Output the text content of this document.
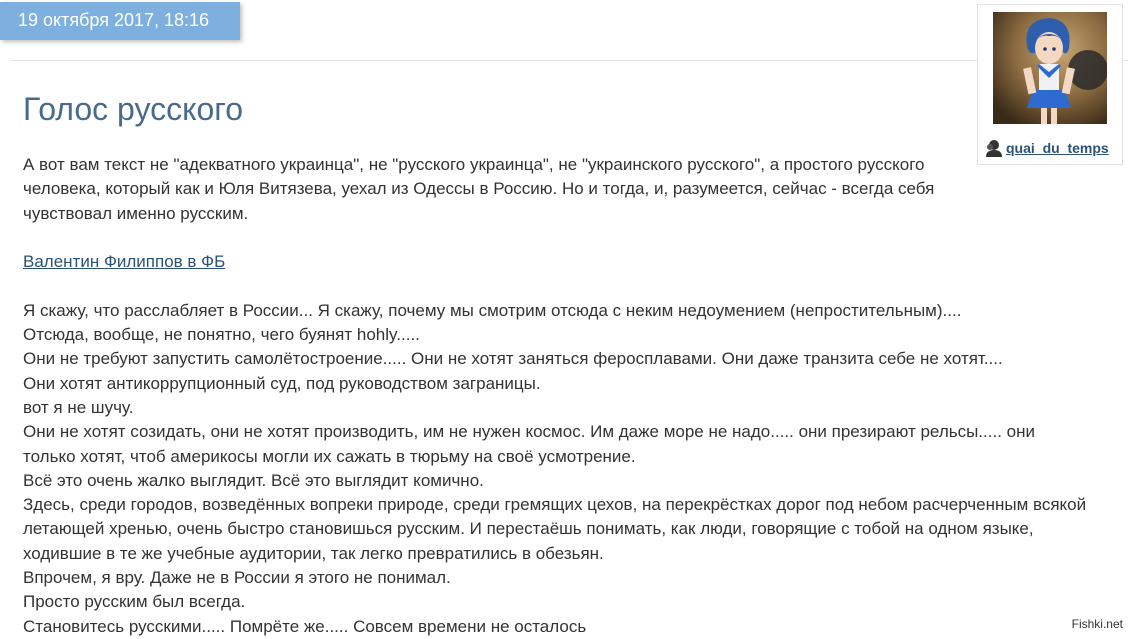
19 октября 2017, 18:16
quai_du_temps
Голос русского

А вот вам текст не "адекватного украинца", не "русского украинца", не "украинского русского", а простого русского

человека, который как и Юля Витязева, уехал из Одессы в Россию. Но и тогда, и, разумеется, сейчас - всегда себя

чувствовал именно русским.

Валентин Филиппов в ФБ

Я скажу, что расслабляет в России... Я скажу, почему мы смотрим отсюда с неким недоумением (непростительным)....

Отсюда, вообще, не понятно, чего буянят hohly.....

Они не требуют запустить самолётостроение..... Они не хотят заняться феросплавами. Они даже транзита себе не хотят....

Они хотят антикоррупционный суд, под руководством заграницы.

вот я не шучу.

Они не хотят созидать, они не хотят производить, им не нужен космос. Им даже море не надо..... они презирают рельсы..... они

только хотят, чтоб америкосы могли их сажать в тюрьму на своё усмотрение.

Всё это очень жалко выглядит. Всё это выглядит комично.

Здесь, среди городов, возведённых вопреки природе, среди гремящих цехов, на перекрёстках дорог под небом расчерченным всякой

летающей хренью, очень быстро становишься русским. И перестаёшь понимать, как люди, говорящие с тобой на одном языке,

ходившие в те же учебные аудитории, так легко превратились в обезьян.

Впрочем, я вру. Даже не в России я этого не понимал.

Просто русским был всегда.

Становитесь русскими..... Помрёте же..... Совсем времени не осталось	Fishki.net
